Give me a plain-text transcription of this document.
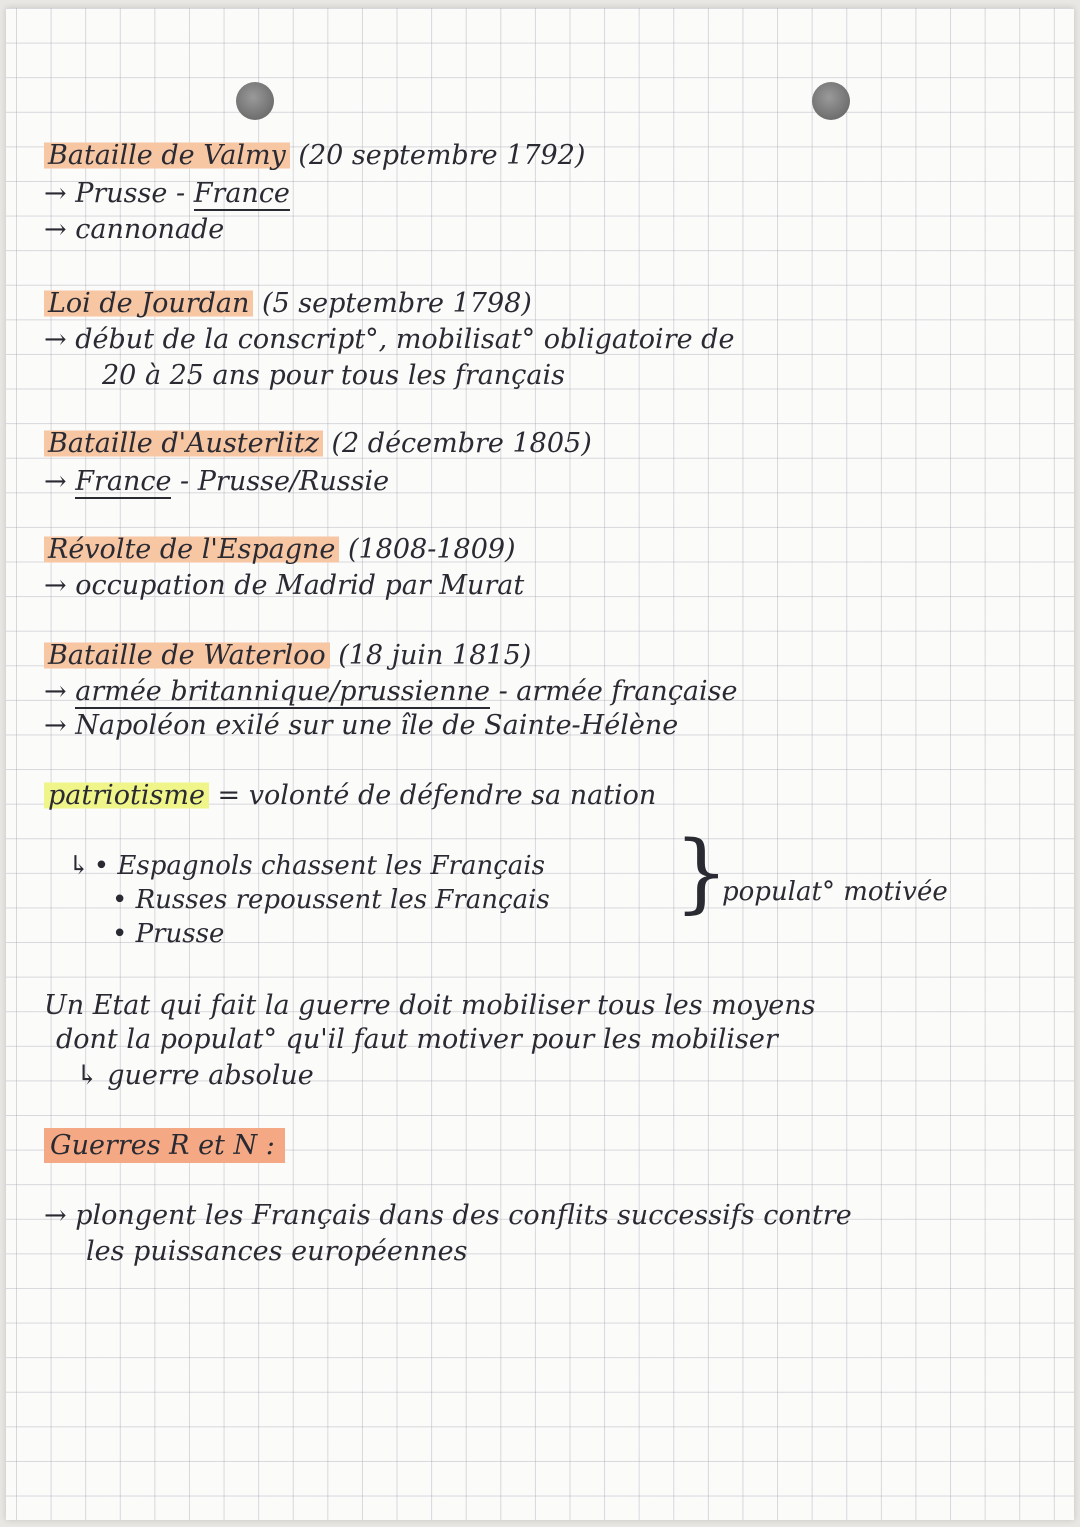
Bataille de Valmy (20 septembre 1792)
→ Prusse - France
→ cannonade
Loi de Jourdan (5 septembre 1798)
→ début de la conscript°, mobilisat° obligatoire de
20 à 25 ans pour tous les français
Bataille d'Austerlitz (2 décembre 1805)
→ France - Prusse/Russie
Révolte de l'Espagne (1808-1809)
→ occupation de Madrid par Murat
Bataille de Waterloo (18 juin 1815)
→ armée britannique/prussienne - armée française
→ Napoléon exilé sur une île de Sainte-Hélène
patriotisme = volonté de défendre sa nation
↳ • Espagnols chassent les Français
• Russes repoussent les Français
• Prusse
}
populat° motivée
Un Etat qui fait la guerre doit mobiliser tous les moyens
dont la populat° qu'il faut motiver pour les mobiliser
↳ guerre absolue
Guerres R et N :
→ plongent les Français dans des conflits successifs contre
les puissances européennes
